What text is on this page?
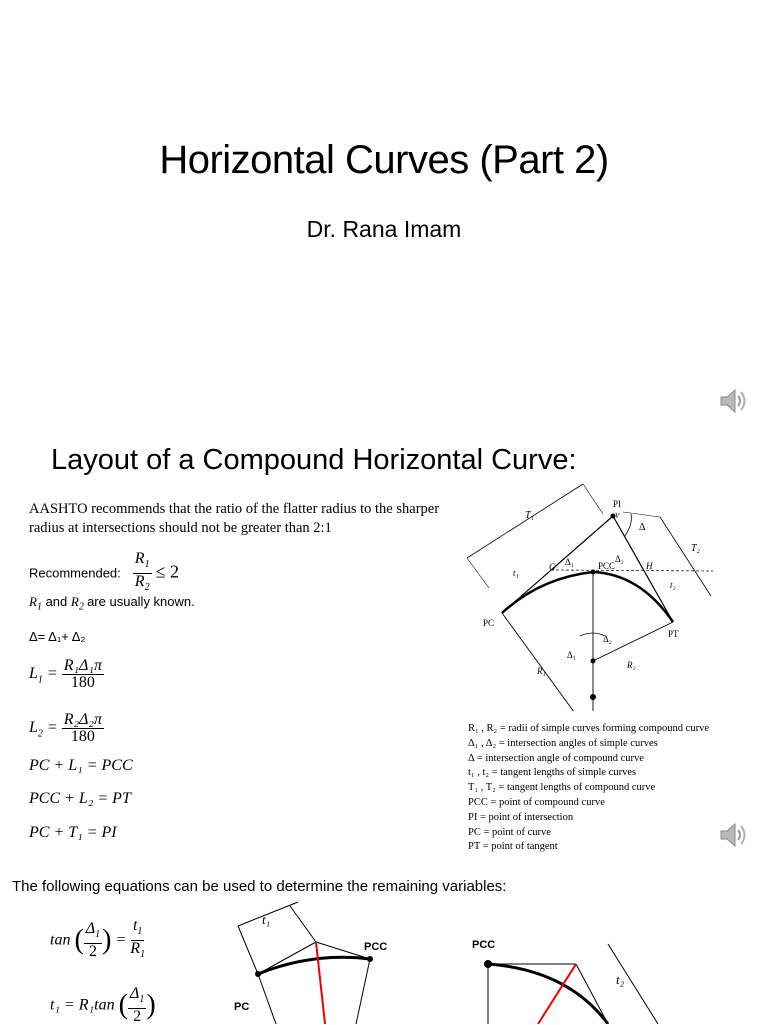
Horizontal Curves (Part 2)
Dr. Rana Imam
Layout of a Compound Horizontal Curve:
AASHTO recommends that the ratio of the flatter radius to the sharper radius at intersections should not be greater than 2:1
Recommended: $\frac{R_1}{R_2} \le 2$
$R_1$ and $R_2$ are usually known.
Δ= Δ₁+ Δ₂
$L_1 = \frac{\text{R₁Δ₁π}}{180}$
$L_2 = \frac{\text{R₂Δ₂π}}{180}$
PC + L₁ = PCC
PCC + L₂ = PT
PC + T₁ = PI
PI
V
Δ
T₁
T₂
t₁
t₂
G	H
Δ₁	Δ₂
PCC
PC
PT
R₁
R₂
Δ₁
Δ₂
R₁ , R₂ = radii of simple curves forming compound curve
Δ₁ , Δ₂ = intersection angles of simple curves
Δ = intersection angle of compound curve
t₁ , t₂ = tangent lengths of simple curves
T₁ , T₂ = tangent lengths of compound curve
PCC = point of compound curve
PI = point of intersection
PC = point of curve
PT = point of tangent
The following equations can be used to determine the remaining variables:
tan ( $\frac{\Delta_1}{2}$ ) = $\frac{t_1}{R_1}$
t₁ = R₁tan ( $\frac{\Delta_1}{2}$ )
t₁
PC
PCC	PCC
t₂
